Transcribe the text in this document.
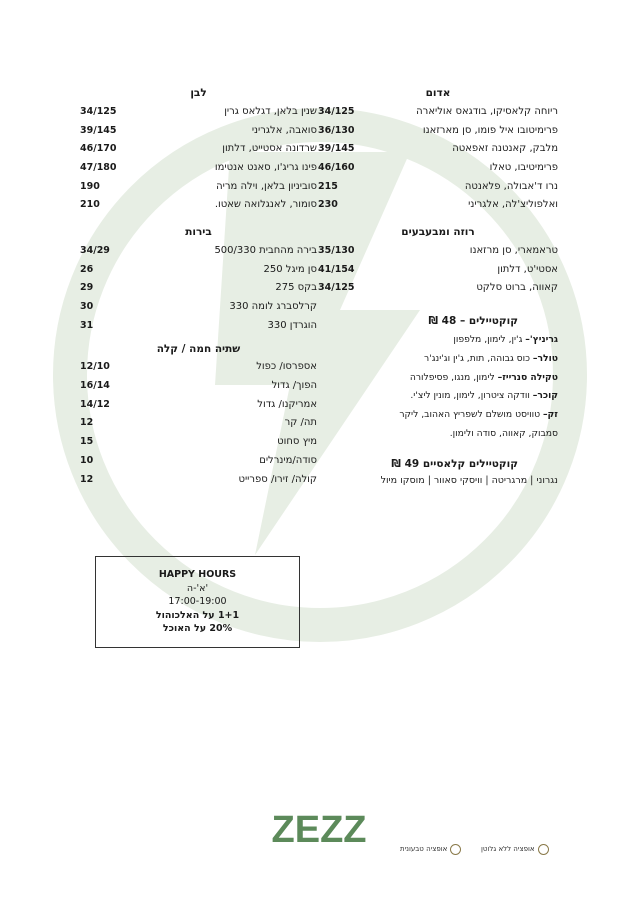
אדום
ריוחה קלאסיקו, בודגאס אוליארה
34/125
פרימיטובו איל פומו, סן מארזאנו
36/130
מלבק, קאנטנה זאפאטה
39/145
פרימיטיבו, טאלו
46/160
נרו ד'אבולה, פלאנטה
215
ואלפוליצ'לה, אלגריני
230
רוזה ומבעבעים
טראמארי, סן מרזאנו
35/130
אסטי'ט, דלתון
41/154
קאווה, ברוט סלקט
34/125
קוקטיילים – 48 ₪
גריניץ'– ג'ין, לימון, מלפפון
טולר– כוס גבוהה, תות, ג'ין וג'ינג'ר
טקילה סנרייז– לימון, מנגו, פסיפלורה
קוכר– וודקה ציטרון, לימון, מונין ליצ'י.
זק– טוויסט מושלם לשפריץ האהוב, ליקר
סמבוק, קאווה, סודה ולימון.
קוקטיילים קלאסיים 49 ₪
נגרוני | מרגריטה | וויסקי סאוור | מוסקו מיול
לבן
שנין בלאן, דגלאס גרין
34/125
סואבה, אלגריני
39/145
שרדונה אסטייט, דלתון
46/170
פינו גריג'ו, סאנט אנטימו
47/180
סוביניון בלאן, וילה מריה
190
סומור, לאנגלואה שאטו.
210
בירות
בירה מהחבית 500/330
34/29
סן מיגל 250
26
בקס 275
29
קרלסברג לומה 330
30
הוגרדן 330
31
שתיה חמה / קלה
אספרסו/ כפול
12/10
הפוך/ גדול
16/14
אמריקנו/ גדול
14/12
תה/ קר
12
מיץ סחוט
15
סודה/מינרלים
10
קולה/ זירו/ ספרייט
12
HAPPY HOURS
א'-ה'
17:00-19:00
1+1 על האלכוהול
20% על האוכל
ZEZZ	אופציה טבעונית	אופציה ללא גלוטן
